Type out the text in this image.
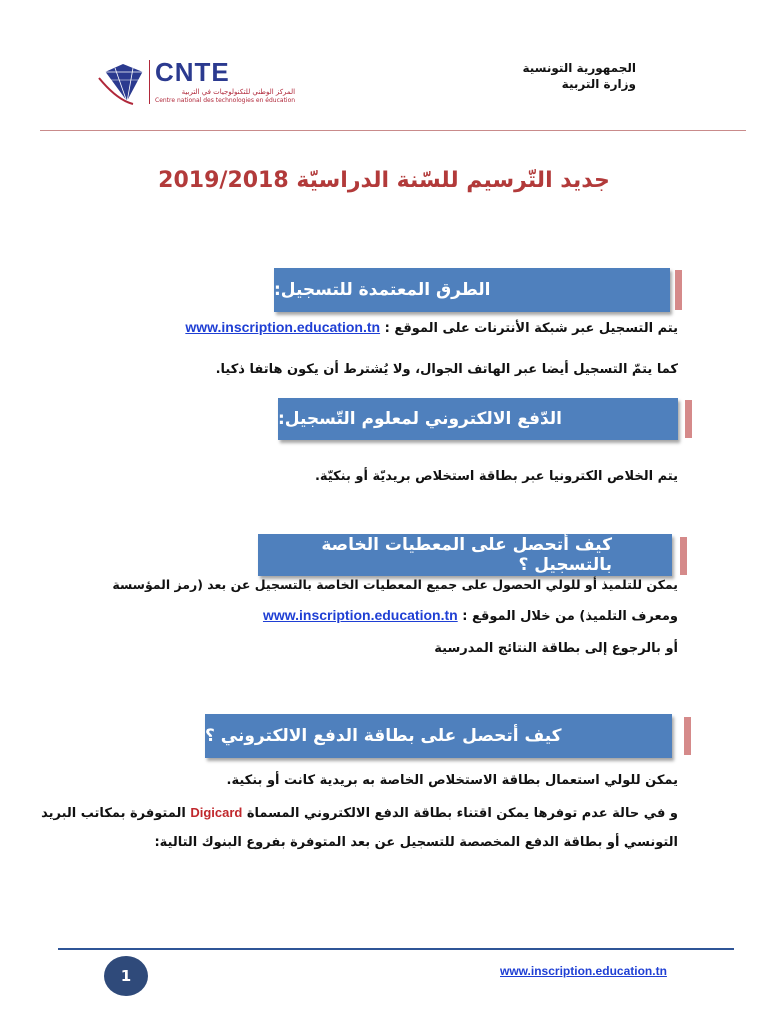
CNTE
المركز الوطني للتكنولوجيات في التربية
Centre national des technologies en éducation
الجمهورية التونسية
وزارة التربية
جديد التّرسيم للسّنة الدراسيّة 2019/2018
الطرق المعتمدة للتسجيل:
يتم التسجيل عبر شبكة الأنترنات على الموقع : www.inscription.education.tn
كما يتمّ التسجيل أيضا عبر الهاتف الجوال، ولا يُشترط أن يكون هاتفا ذكيا.
يتم الخلاص الكترونيا عبر بطاقة استخلاص بريديّة أو بنكيّة.
الدّفع الالكتروني لمعلوم التّسجيل:
يمكن للتلميذ أو للولي الحصول على جميع المعطيات الخاصة بالتسجيل عن بعد (رمز المؤسسة
كيف أتحصل على المعطيات الخاصة بالتسجيل ؟
ومعرف التلميذ) من خلال الموقع : www.inscription.education.tn
أو بالرجوع إلى بطاقة النتائج المدرسية
كيف أتحصل على بطاقة الدفع الالكتروني ؟
يمكن للولي استعمال بطاقة الاستخلاص الخاصة به بريدية كانت أو بنكية.
و في حالة عدم توفرها يمكن اقتناء بطاقة الدفع الالكتروني المسماة Digicard المتوفرة بمكاتب البريد
التونسي أو بطاقة الدفع المخصصة للتسجيل عن بعد المتوفرة بفروع البنوك التالية:
1	www.inscription.education.tn
